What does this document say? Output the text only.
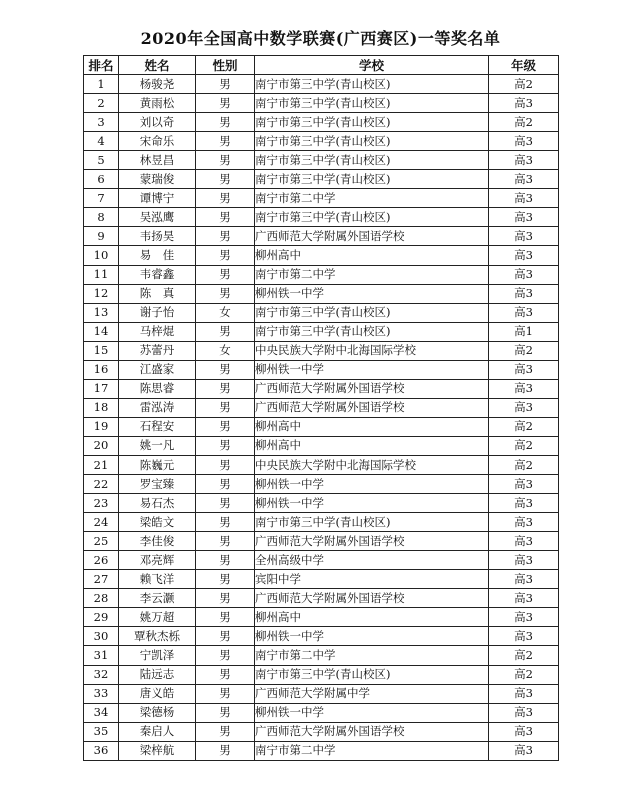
2020年全国高中数学联赛(广西赛区)一等奖名单
排名	姓名	性别	学校	年级
1	杨骏尧	男	南宁市第三中学(青山校区)	高2
2	黄雨松	男	南宁市第三中学(青山校区)	高3
3	刘以奇	男	南宁市第三中学(青山校区)	高2
4	宋命乐	男	南宁市第三中学(青山校区)	高3
5	林昱昌	男	南宁市第三中学(青山校区)	高3
6	蒙瑞俊	男	南宁市第三中学(青山校区)	高3
7	谭博宁	男	南宁市第二中学	高3
8	吴泓鹰	男	南宁市第三中学(青山校区)	高3
9	韦扬昊	男	广西师范大学附属外国语学校	高3
10	易　佳	男	柳州高中	高3
11	韦睿鑫	男	南宁市第二中学	高3
12	陈　真	男	柳州铁一中学	高3
13	谢子怡	女	南宁市第三中学(青山校区)	高3
14	马梓焜	男	南宁市第三中学(青山校区)	高1
15	苏蕾丹	女	中央民族大学附中北海国际学校	高2
16	江盛家	男	柳州铁一中学	高3
17	陈思睿	男	广西师范大学附属外国语学校	高3
18	雷泓涛	男	广西师范大学附属外国语学校	高3
19	石程安	男	柳州高中	高2
20	姚一凡	男	柳州高中	高2
21	陈巍元	男	中央民族大学附中北海国际学校	高2
22	罗宝臻	男	柳州铁一中学	高3
23	易石杰	男	柳州铁一中学	高3
24	梁皓文	男	南宁市第三中学(青山校区)	高3
25	李佳俊	男	广西师范大学附属外国语学校	高3
26	邓亮辉	男	全州高级中学	高3
27	赖飞洋	男	宾阳中学	高3
28	李云灏	男	广西师范大学附属外国语学校	高3
29	姚万超	男	柳州高中	高3
30	覃秋杰栎	男	柳州铁一中学	高3
31	宁凯泽	男	南宁市第二中学	高2
32	陆远志	男	南宁市第三中学(青山校区)	高2
33	唐义皓	男	广西师范大学附属中学	高3
34	梁德杨	男	柳州铁一中学	高3
35	秦启人	男	广西师范大学附属外国语学校	高3
36	梁梓航	男	南宁市第二中学	高3
